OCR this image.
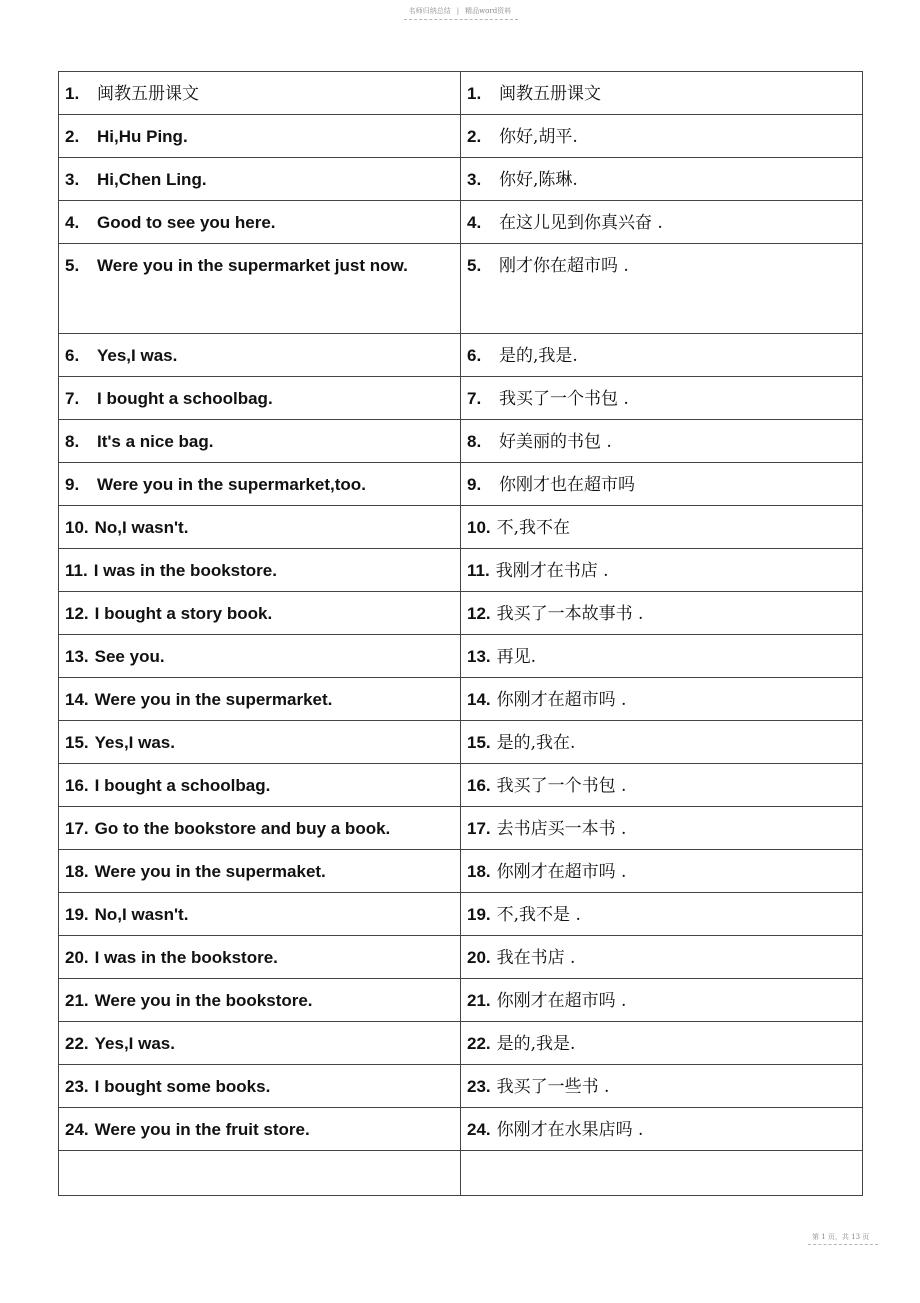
名师归纳总结 | 精品word资料
1. 闽教五册课文	1. 闽教五册课文

2. Hi,Hu Ping.	2. 你好,胡平.

3. Hi,Chen Ling.	3. 你好,陈琳.

4. Good to see you here.	4. 在这儿见到你真兴奋 .

5. Were you in the supermarket just now.	5. 刚才你在超市吗 .

6. Yes,I was.	6. 是的,我是.

7. I bought a schoolbag.	7. 我买了一个书包 .

8. It's a nice bag.	8. 好美丽的书包 .

9. Were you in the supermarket,too.	9. 你刚才也在超市吗

10. No,I wasn't.	10. 不,我不在

11. I was in the bookstore.	11. 我刚才在书店 .

12. I bought a story book.	12. 我买了一本故事书 .

13. See you.	13. 再见.

14. Were you in the supermarket.	14. 你刚才在超市吗 .

15. Yes,I was.	15. 是的,我在.

16. I bought a schoolbag.	16. 我买了一个书包 .

17. Go to the bookstore and buy a book.	17. 去书店买一本书 .

18. Were you in the supermaket.	18. 你刚才在超市吗 .

19. No,I wasn't.	19. 不,我不是 .

20. I was in the bookstore.	20. 我在书店 .

21. Were you in the bookstore.	21. 你刚才在超市吗 .

22. Yes,I was.	22. 是的,我是.

23. I bought some books.	23. 我买了一些书 .

24. Were you in the fruit store.	24. 你刚才在水果店吗 .

第 1 页，共 13 页
